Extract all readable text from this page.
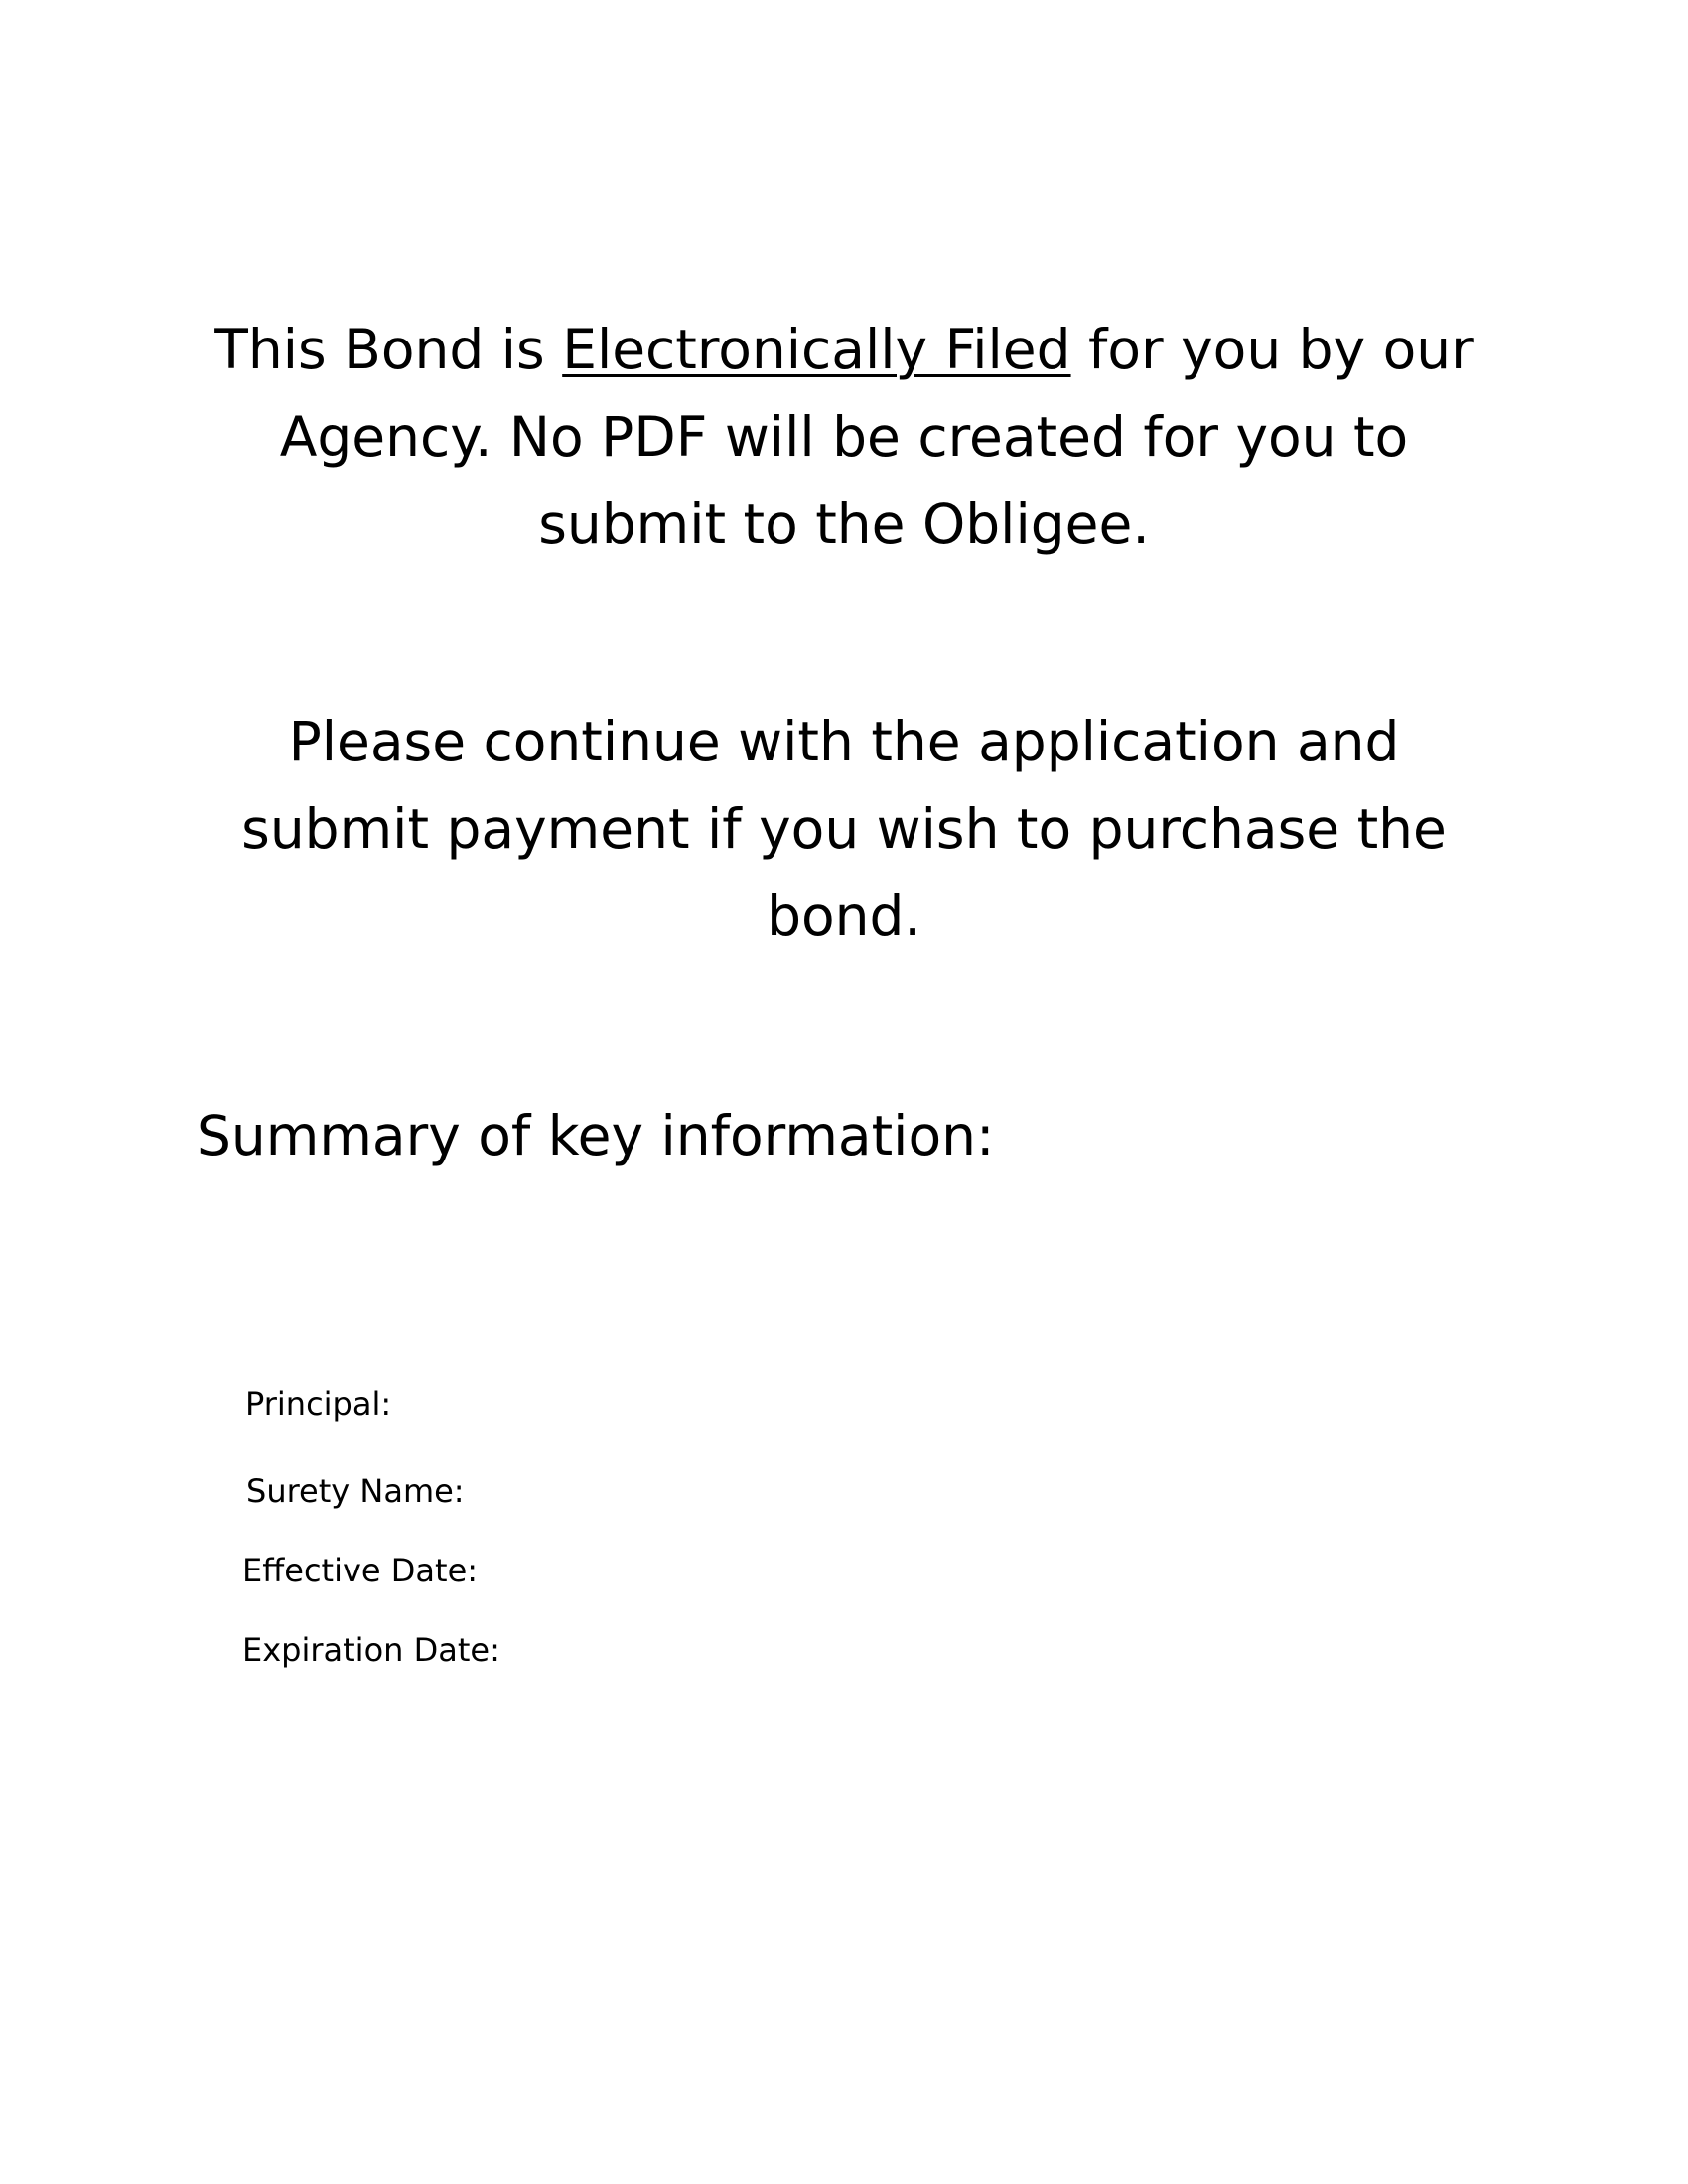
This Bond is Electronically Filed for you by our
Agency. No PDF will be created for you to
submit to the Obligee.
Please continue with the application and
submit payment if you wish to purchase the
bond.
Summary of key information:
Principal:
Surety Name:
Effective Date:
Expiration Date:
